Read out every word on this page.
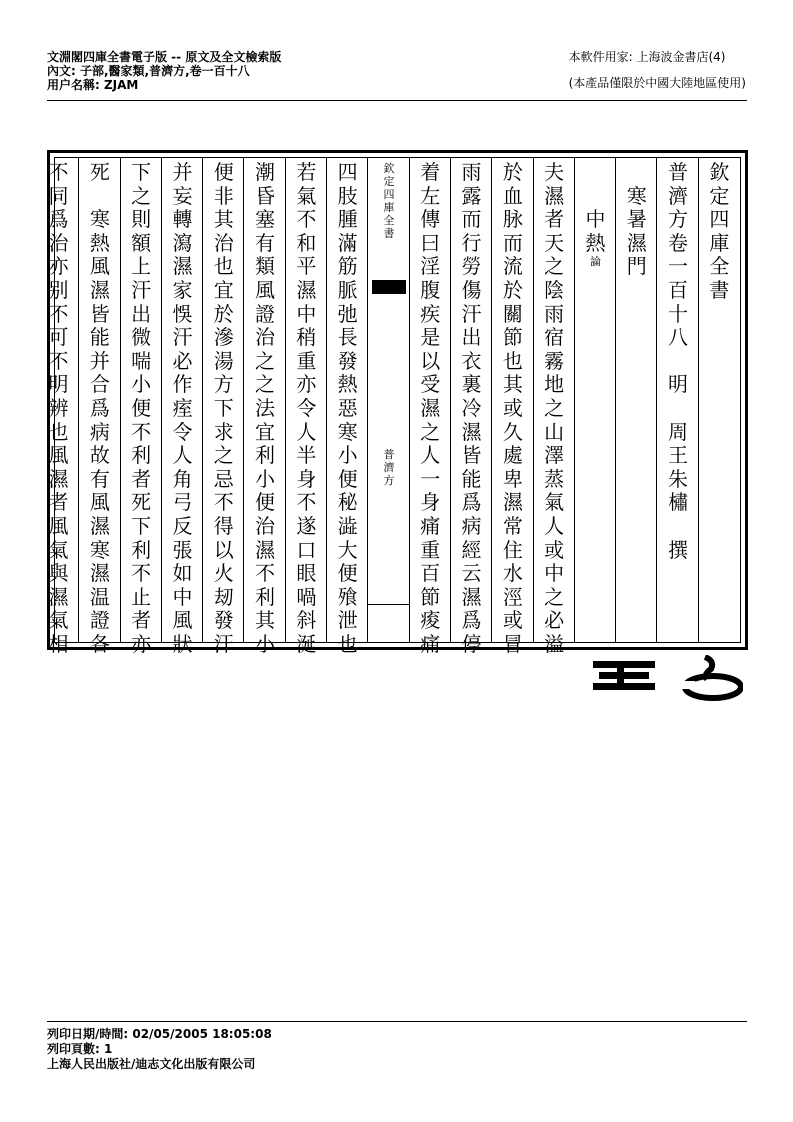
文淵閣四庫全書電子版 -- 原文及全文檢索版
內文: 子部,醫家類,普濟方,卷一百十八
用户名稱: ZJAM
本軟件用家: 上海波金書店(4)
(本產品僅限於中國大陸地區使用)
欽
定
四
庫
全
書
普
濟
方
卷
一
百
十
八

明

周
王
朱
橚

撰

寒
暑
濕
門

中
熱
論
夫
濕
者
天
之
陰
雨
宿
霧
地
之
山
澤
蒸
氣
人
或
中
之
必
溢
於
血
脉
而
流
於
關
節
也
其
或
久
處
卑
濕
常
住
水
涇
或
冒
雨
露
而
行
勞
傷
汗
出
衣
裏
冷
濕
皆
能
爲
病
經
云
濕
爲
停
着
左
傳
曰
淫
腹
疾
是
以
受
濕
之
人
一
身
痛
重
百
節
痠
痛
欽
定
四
庫
全
書
普
濟
方
四
肢
腫
滿
筋
脈
弛
長
發
熱
惡
寒
小
便
秘
澁
大
便
飱
泄
也
若
氣
不
和
平
濕
中
稍
重
亦
令
人
半
身
不
遂
口
眼
喎
斜
涎
潮
昏
塞
有
類
風
證
治
之
之
法
宜
利
小
便
治
濕
不
利
其
小
便
非
其
治
也
宜
於
滲
湯
方
下
求
之
忌
不
得
以
火
刼
發
汗
并
妄
轉
瀉
濕
家
悞
汗
必
作
痓
令
人
角
弓
反
張
如
中
風
狀
下
之
則
額
上
汗
出
微
喘
小
便
不
利
者
死
下
利
不
止
者
亦
死

寒
熱
風
濕
皆
能
并
合
爲
病
故
有
風
濕
寒
濕
温
證
各
不
同
爲
治
亦
别
不
可
不
明
辨
也
風
濕
者
風
氣
與
濕
氣
相
列印日期/時間: 02/05/2005 18:05:08
列印頁數: 1
上海人民出版社/迪志文化出版有限公司
